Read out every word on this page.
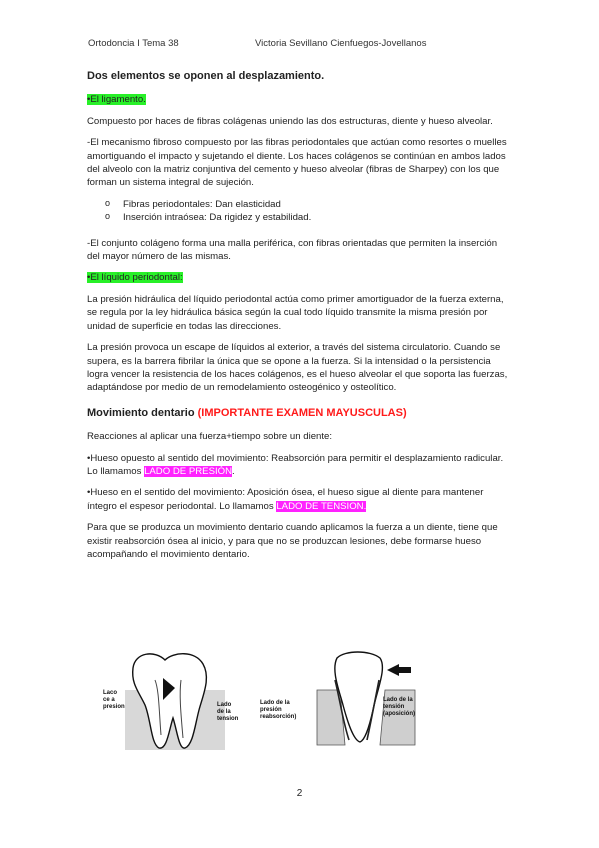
Ortodoncia I Tema 38	Victoria Sevillano Cienfuegos-Jovellanos
Dos elementos se oponen al desplazamiento.

•El ligamento.

Compuesto por haces de fibras colágenas uniendo las dos estructuras, diente y hueso alveolar.

-El mecanismo fibroso compuesto por las fibras periodontales que actúan como resortes o muelles amortiguando el impacto y sujetando el diente. Los haces colágenos se continúan en ambos lados del alveolo con la matriz conjuntiva del cemento y hueso alveolar (fibras de Sharpey) con los que forman un sistema integral de sujeción.

o Fibras periodontales: Dan elasticidad
o Inserción intraósea: Da rigidez y estabilidad.

-El conjunto colágeno forma una malla periférica, con fibras orientadas que permiten la inserción del mayor número de las mismas.

•El líquido periodontal:

La presión hidráulica del líquido periodontal actúa como primer amortiguador de la fuerza externa, se regula por la ley hidráulica básica según la cual todo líquido transmite la misma presión por unidad de superficie en todas las direcciones.

La presión provoca un escape de líquidos al exterior, a través del sistema circulatorio. Cuando se supera, es la barrera fibrilar la única que se opone a la fuerza. Si la intensidad o la persistencia logra vencer la resistencia de los haces colágenos, es el hueso alveolar el que soporta las fuerzas, adaptándose por medio de un remodelamiento osteogénico y osteolítico.

Movimiento dentario (IMPORTANTE EXAMEN MAYUSCULAS)

Reacciones al aplicar una fuerza+tiempo sobre un diente:

•Hueso opuesto al sentido del movimiento: Reabsorción para permitir el desplazamiento radicular. Lo llamamos LADO DE PRESIÓN.

•Hueso en el sentido del movimiento: Aposición ósea, el hueso sigue al diente para mantener íntegro el espesor periodontal. Lo llamamos LADO DE TENSION.

Para que se produzca un movimiento dentario cuando aplicamos la fuerza a un diente, tiene que existir reabsorción ósea al inicio, y para que no se produzcan lesiones, debe formarse hueso acompañando el movimiento dentario.

Laco
ce a
presion	Lado
de la
tension
Lado de la
presión
reabsorción)
Lado de la
tensión
(aposición)
2
